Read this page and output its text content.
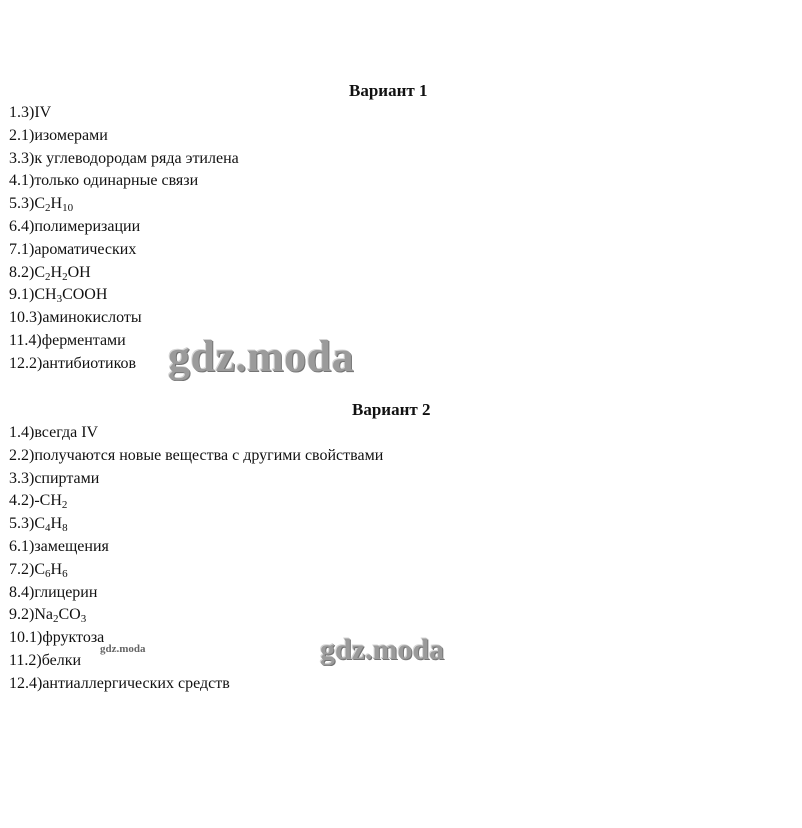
Вариант 1
1.3)IV
2.1)изомерами
3.3)к углеводородам ряда этилена
4.1)только одинарные связи
$5.3)C_2H_{10}$
6.4)полимеризации
7.1)ароматических
$8.2)C_2H_2OH$
$9.1)CH_3COOH$
10.3)аминокислоты
11.4)ферментами
12.2)антибиотиков
Вариант 2
1.4)всегда IV
2.2)получаются новые вещества с другими свойствами
3.3)спиртами
$4.2)-CH_2$
$5.3)C_4H_8$
6.1)замещения
$7.2)C_6H_6$
8.4)глицерин
$9.2)Na_2CO_3$
10.1)фруктоза
11.2)белки
12.4)антиаллергических средств
gdz.moda
gdz.moda
gdz.moda
